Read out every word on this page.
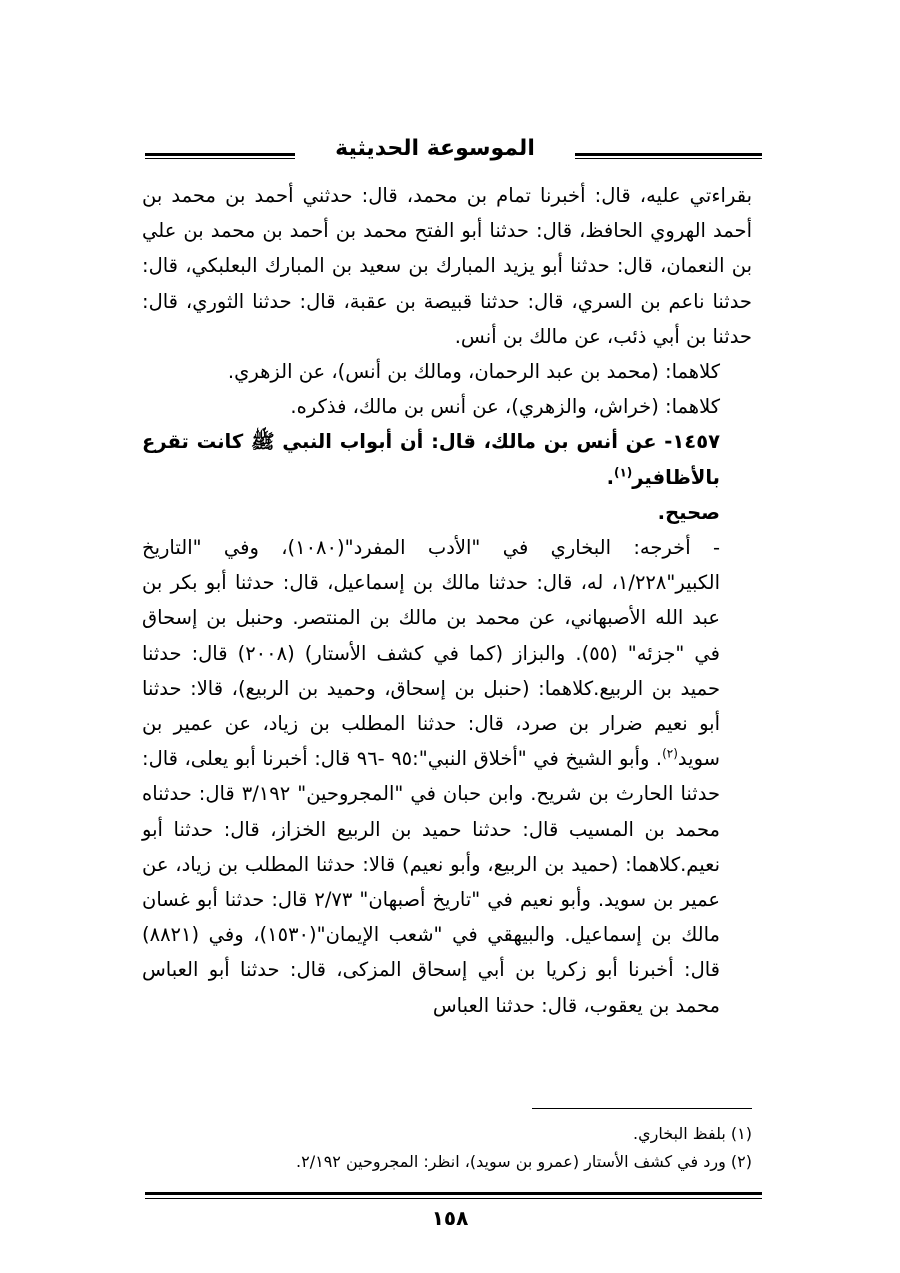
الموسوعة الحديثية

بقراءتي عليه، قال: أخبرنا تمام بن محمد، قال: حدثني أحمد بن محمد بن أحمد الهروي الحافظ، قال: حدثنا أبو الفتح محمد بن أحمد بن محمد بن علي بن النعمان، قال: حدثنا أبو يزيد المبارك بن سعيد بن المبارك البعلبكي، قال: حدثنا ناعم بن السري، قال: حدثنا قبيصة بن عقبة، قال: حدثنا الثوري، قال: حدثنا بن أبي ذئب، عن مالك بن أنس.

كلاهما: (محمد بن عبد الرحمان، ومالك بن أنس)، عن الزهري.

كلاهما: (خراش، والزهري)، عن أنس بن مالك، فذكره.

١٤٥٧- عن أنس بن مالك، قال: أن أبواب النبي ﷺ كانت تقرع بالأظافير$^{(١)}$.

صحيح.

- أخرجه: البخاري في "الأدب المفرد"(١٠٨٠)، وفي "التاريخ الكبير"١/٢٢٨، له، قال: حدثنا مالك بن إسماعيل، قال: حدثنا أبو بكر بن عبد الله الأصبهاني، عن محمد بن مالك بن المنتصر. وحنبل بن إسحاق في "جزئه" (٥٥). والبزاز (كما في كشف الأستار) (٢٠٠٨) قال: حدثنا حميد بن الربيع.كلاهما: (حنبل بن إسحاق، وحميد بن الربيع)، قالا: حدثنا أبو نعيم ضرار بن صرد، قال: حدثنا المطلب بن زياد، عن عمير بن سويد$^{(٢)}$. وأبو الشيخ في "أخلاق النبي":٩٥ -٩٦ قال: أخبرنا أبو يعلى، قال: حدثنا الحارث بن شريح. وابن حبان في "المجروحين" ٣/١٩٢ قال: حدثناه محمد بن المسيب قال: حدثنا حميد بن الربيع الخزاز، قال: حدثنا أبو نعيم.كلاهما: (حميد بن الربيع، وأبو نعيم) قالا: حدثنا المطلب بن زياد، عن عمير بن سويد. وأبو نعيم في "تاريخ أصبهان" ٢/٧٣ قال: حدثنا أبو غسان مالك بن إسماعيل. والبيهقي في "شعب الإيمان"(١٥٣٠)، وفي (٨٨٢١) قال: أخبرنا أبو زكريا بن أبي إسحاق المزكى، قال: حدثنا أبو العباس محمد بن يعقوب، قال: حدثنا العباس

(١) بلفظ البخاري.

(٢) ورد في كشف الأستار (عمرو بن سويد)، انظر: المجروحين ٢/١٩٢.

١٥٨
